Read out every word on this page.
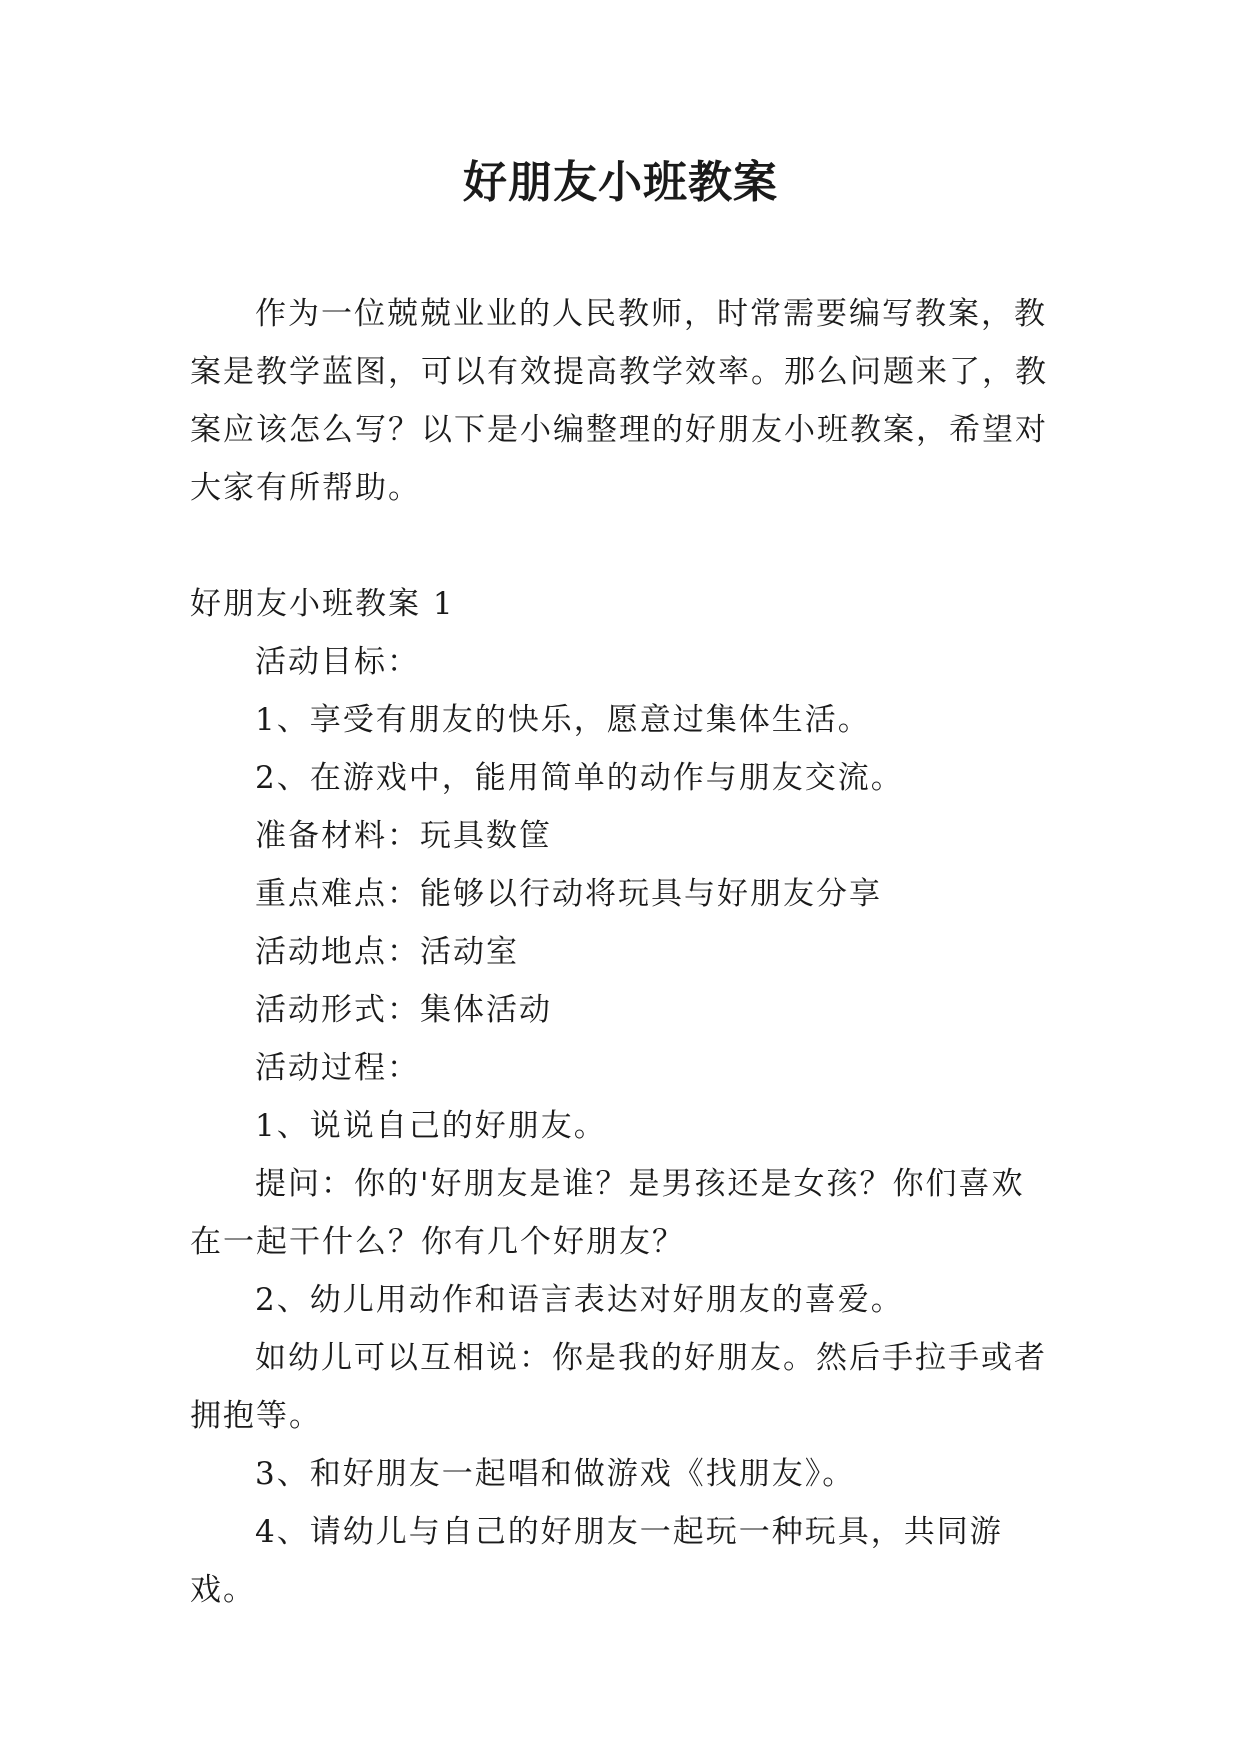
好朋友小班教案

作为一位兢兢业业的人民教师，时常需要编写教案，教案是教学蓝图，可以有效提高教学效率。那么问题来了，教案应该怎么写？以下是小编整理的好朋友小班教案，希望对大家有所帮助。

好朋友小班教案 1

活动目标：

1、享受有朋友的快乐，愿意过集体生活。

2、在游戏中，能用简单的动作与朋友交流。

准备材料：玩具数筐

重点难点：能够以行动将玩具与好朋友分享

活动地点：活动室

活动形式：集体活动

活动过程：

1、说说自己的好朋友。

提问：你的'好朋友是谁？是男孩还是女孩？你们喜欢在一起干什么？你有几个好朋友？

2、幼儿用动作和语言表达对好朋友的喜爱。

如幼儿可以互相说：你是我的好朋友。然后手拉手或者拥抱等。

3、和好朋友一起唱和做游戏《找朋友》。

4、请幼儿与自己的好朋友一起玩一种玩具，共同游戏。
